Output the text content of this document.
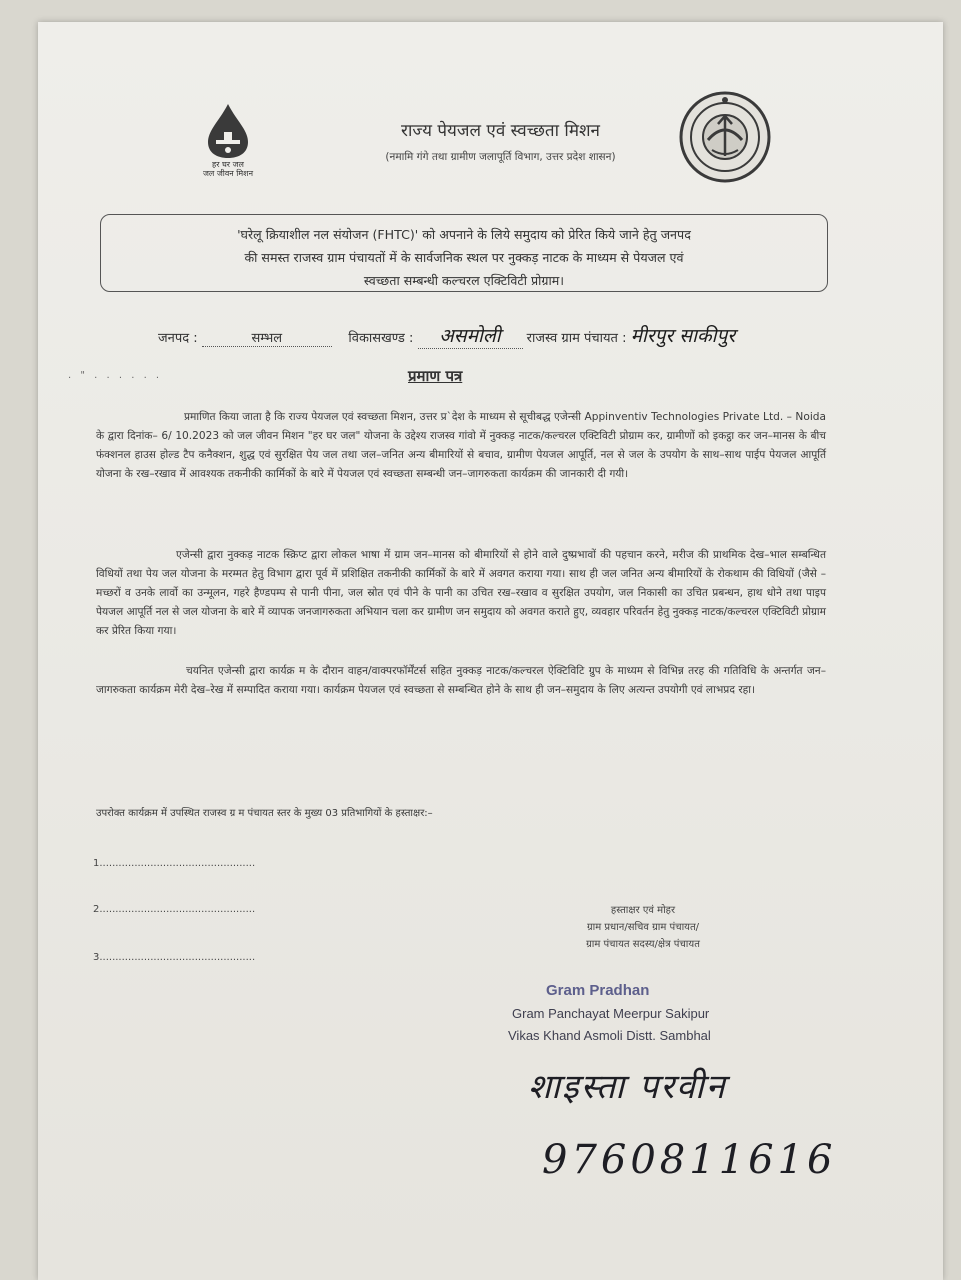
हर घर जल
जल जीवन मिशन
राज्य पेयजल एवं स्वच्छता मिशन
(नमामि गंगे तथा ग्रामीण जलापूर्ति विभाग, उत्तर प्रदेश शासन)
'घरेलू क्रियाशील नल संयोजन (FHTC)' को अपनाने के लिये समुदाय को प्रेरित किये जाने हेतु जनपद
की समस्त राजस्व ग्राम पंचायतों में के सार्वजनिक स्थल पर नुक्कड़ नाटक के माध्यम से पेयजल एवं
स्वच्छता सम्बन्धी कल्चरल एक्टिविटी प्रोग्राम।
जनपद :	सम्भल	विकासखण्ड : असमोली राजस्व ग्राम पंचायत : मीरपुर साकीपुर
. " . . . . . .	प्रमाण पत्र
प्रमाणित किया जाता है कि राज्य पेयजल एवं स्वच्छता मिशन, उत्तर प्र`देश के माध्यम से सूचीबद्ध एजेन्सी Appinventiv Technologies Private Ltd. – Noida के द्वारा दिनांक– 6/ 10.2023 को जल जीवन मिशन "हर घर जल" योजना के उद्देश्य राजस्व गांवो में नुक्कड़ नाटक/कल्चरल एक्टिविटी प्रोग्राम कर, ग्रामीणों को इकट्ठा कर जन–मानस के बीच फंक्शनल हाउस होल्ड टैप कनैक्शन, शुद्ध एवं सुरक्षित पेय जल तथा जल–जनित अन्य बीमारियों से बचाव, ग्रामीण पेयजल आपूर्ति, नल से जल के उपयोग के साथ–साथ पाईप पेयजल आपूर्ति योजना के रख–रखाव में आवश्यक तकनीकी कार्मिकों के बारे में पेयजल एवं स्वच्छता सम्बन्धी जन–जागरुकता कार्यक्रम की जानकारी दी गयी।
एजेन्सी द्वारा नुक्कड़ नाटक स्क्रिप्ट द्वारा लोकल भाषा में ग्राम जन–मानस को बीमारियों से होने वाले दुष्प्रभावों की पहचान करने, मरीज की प्राथमिक देख–भाल सम्बन्धित विधियों तथा पेय जल योजना के मरम्मत हेतु विभाग द्वारा पूर्व में प्रशिक्षित तकनीकी कार्मिकों के बारे में अवगत कराया गया। साथ ही जल जनित अन्य बीमारियों के रोकथाम की विधियों (जैसे –मच्छरों व उनके लार्वो का उन्मूलन, गहरे हैण्डपम्प से पानी पीना, जल स्रोत एवं पीने के पानी का उचित रख–रखाव व सुरक्षित उपयोग, जल निकासी का उचित प्रबन्धन, हाथ धोने तथा पाइप पेयजल आपूर्ति नल से जल योजना के बारे में व्यापक जनजागरुकता अभियान चला कर ग्रामीण जन समुदाय को अवगत कराते हुए, व्यवहार परिवर्तन हेतु नुक्कड़ नाटक/कल्चरल एक्टिविटी प्रोग्राम कर प्रेरित किया गया।
चयनित एजेन्सी द्वारा कार्यक्र म के दौरान वाहन/वाक्परफॉर्मेंटर्स सहित नुक्कड़ नाटक/कल्चरल ऐक्टिविटि ग्रुप के माध्यम से विभिन्न तरह की गतिविधि के अन्तर्गत जन–जागरुकता कार्यक्रम मेरी देख–रेख में सम्पादित कराया गया। कार्यक्रम पेयजल एवं स्वच्छता से सम्बन्धित होने के साथ ही जन–समुदाय के लिए अत्यन्त उपयोगी एवं लाभप्रद रहा।
उपरोक्त कार्यक्रम में उपस्थित राजस्व ग्र म पंचायत स्तर के मुख्य 03 प्रतिभागियों के हस्ताक्षर:–
1.................................................
2.................................................
3.................................................
हस्ताक्षर एवं मोहर
ग्राम प्रधान/सचिव ग्राम पंचायत/
ग्राम पंचायत सदस्य/क्षेत्र पंचायत
Gram Pradhan
Gram Panchayat Meerpur Sakipur
Vikas Khand Asmoli Distt. Sambhal
शाइस्ता परवीन
9760811616
